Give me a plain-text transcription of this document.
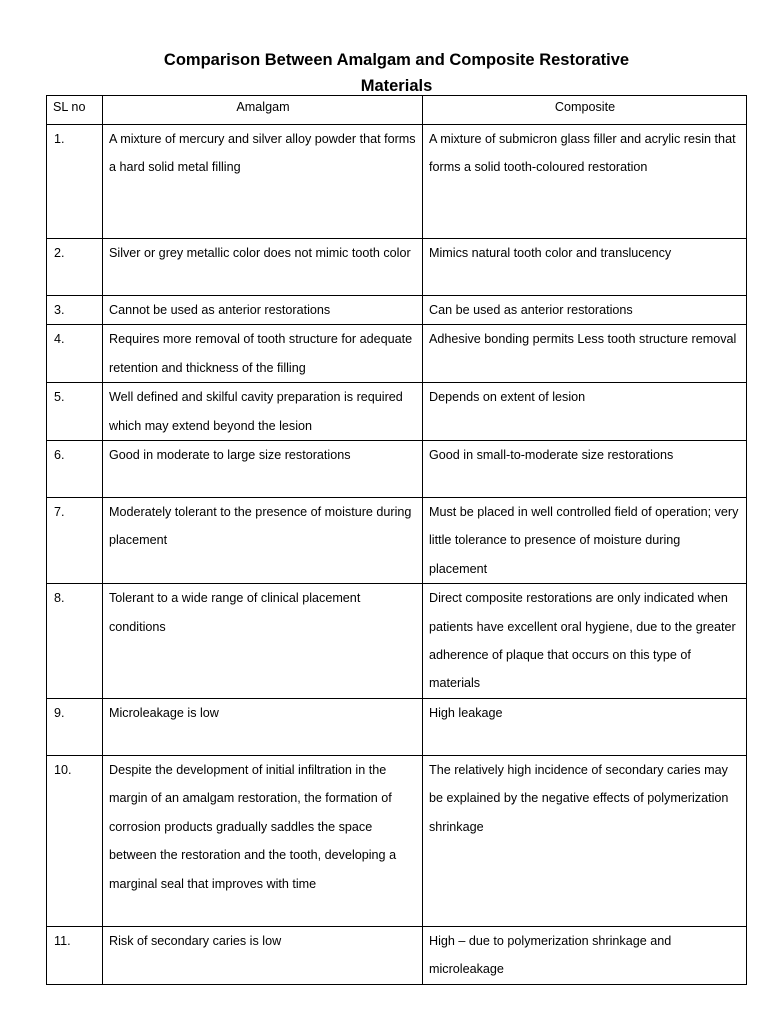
Comparison Between Amalgam and Composite Restorative
Materials
SL no	Amalgam	Composite
1.	A mixture of mercury and silver alloy powder that forms a hard solid metal filling	A mixture of submicron glass filler and acrylic resin that forms a solid tooth-coloured restoration
2.	Silver or grey metallic color does not mimic tooth color	Mimics natural tooth color and translucency
3.	Cannot be used as anterior restorations	Can be used as anterior restorations
4.	Requires more removal of tooth structure for adequate retention and thickness of the filling	Adhesive bonding permits Less tooth structure removal
5.	Well defined and skilful cavity preparation is required which may extend beyond the lesion	Depends on extent of lesion
6.	Good in moderate to large size restorations	Good in small-to-moderate size restorations
7.	Moderately tolerant to the presence of moisture during placement	Must be placed in well controlled field of operation; very little tolerance to presence of moisture during placement
8.	Tolerant to a wide range of clinical placement conditions	Direct composite restorations are only indicated when patients have excellent oral hygiene, due to the greater adherence of plaque that occurs on this type of materials
9.	Microleakage is low	High leakage
10.	Despite the development of initial infiltration in the margin of an amalgam restoration, the formation of corrosion products gradually saddles the space between the restoration and the tooth, developing a marginal seal that improves with time	The relatively high incidence of secondary caries may be explained by the negative effects of polymerization shrinkage
11.	Risk of secondary caries is low	High – due to polymerization shrinkage and microleakage
